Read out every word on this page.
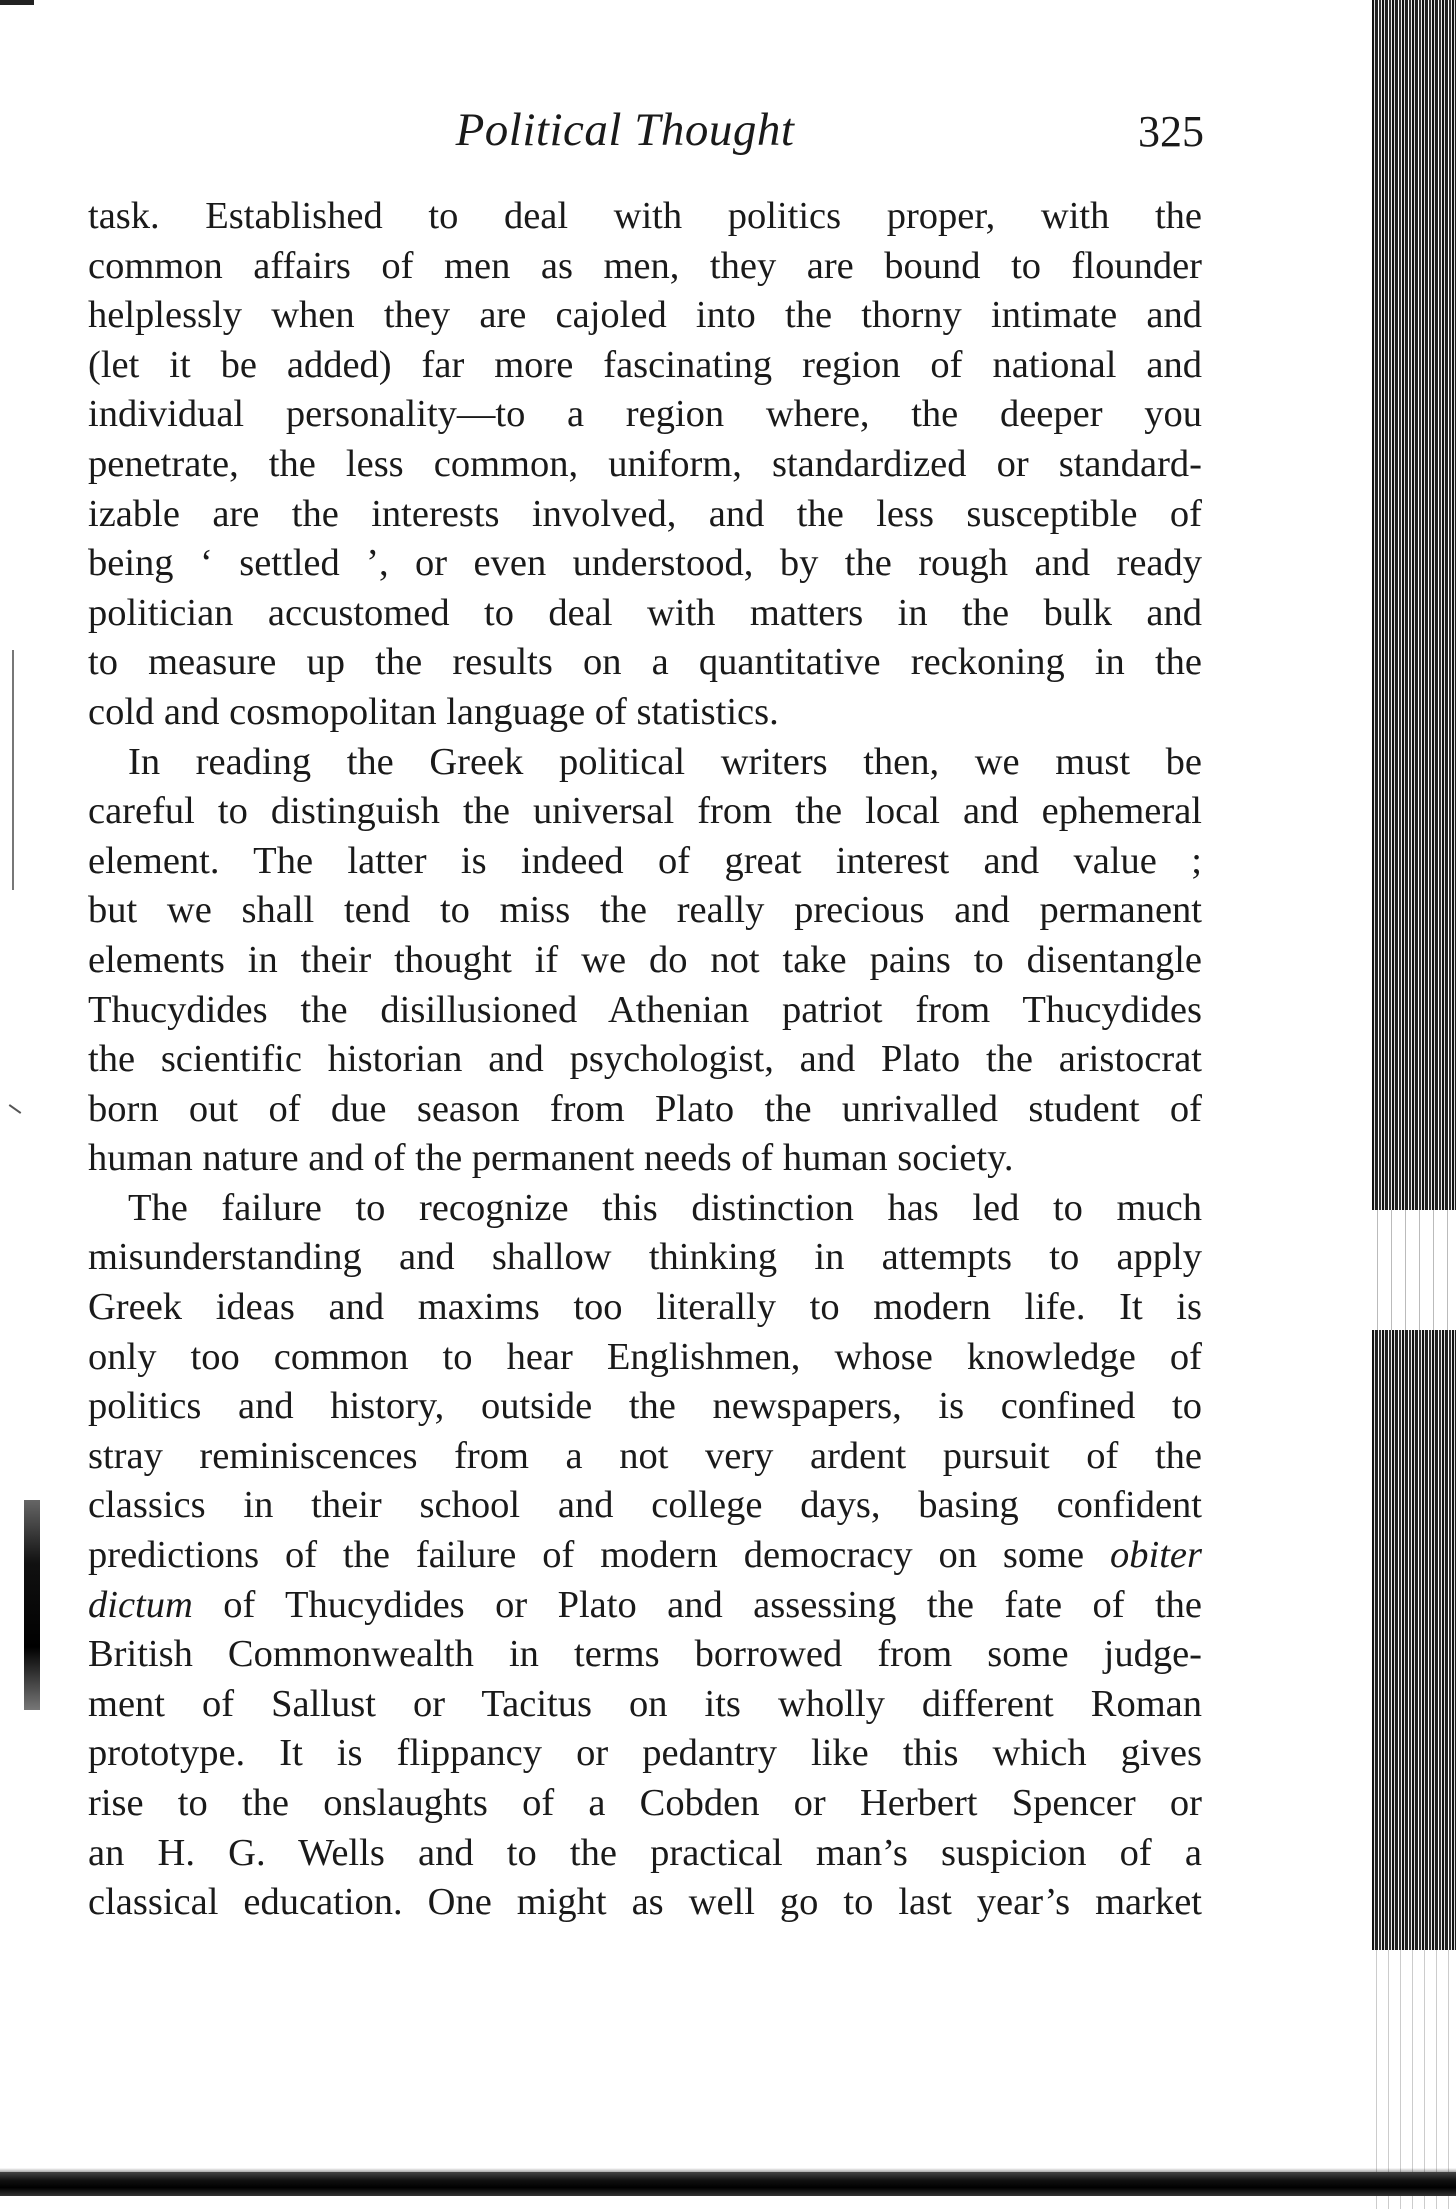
Political Thought	325
task. Established to deal with politics proper, with the
common affairs of men as men, they are bound to flounder
helplessly when they are cajoled into the thorny intimate and
(let it be added) far more fascinating region of national and
individual personality—to a region where, the deeper you
penetrate, the less common, uniform, standardized or standard-
izable are the interests involved, and the less susceptible of
being ‘ settled ’, or even understood, by the rough and ready
politician accustomed to deal with matters in the bulk and
to measure up the results on a quantitative reckoning in the
cold and cosmopolitan language of statistics.
In reading the Greek political writers then, we must be
careful to distinguish the universal from the local and ephemeral
element. The latter is indeed of great interest and value ;
but we shall tend to miss the really precious and permanent
elements in their thought if we do not take pains to disentangle
Thucydides the disillusioned Athenian patriot from Thucydides
the scientific historian and psychologist, and Plato the aristocrat
born out of due season from Plato the unrivalled student of
human nature and of the permanent needs of human society.
The failure to recognize this distinction has led to much
misunderstanding and shallow thinking in attempts to apply
Greek ideas and maxims too literally to modern life. It is
only too common to hear Englishmen, whose knowledge of
politics and history, outside the newspapers, is confined to
stray reminiscences from a not very ardent pursuit of the
classics in their school and college days, basing confident
predictions of the failure of modern democracy on some obiter
dictum of Thucydides or Plato and assessing the fate of the
British Commonwealth in terms borrowed from some judge-
ment of Sallust or Tacitus on its wholly different Roman
prototype. It is flippancy or pedantry like this which gives
rise to the onslaughts of a Cobden or Herbert Spencer or
an H. G. Wells and to the practical man’s suspicion of a
classical education. One might as well go to last year’s market
